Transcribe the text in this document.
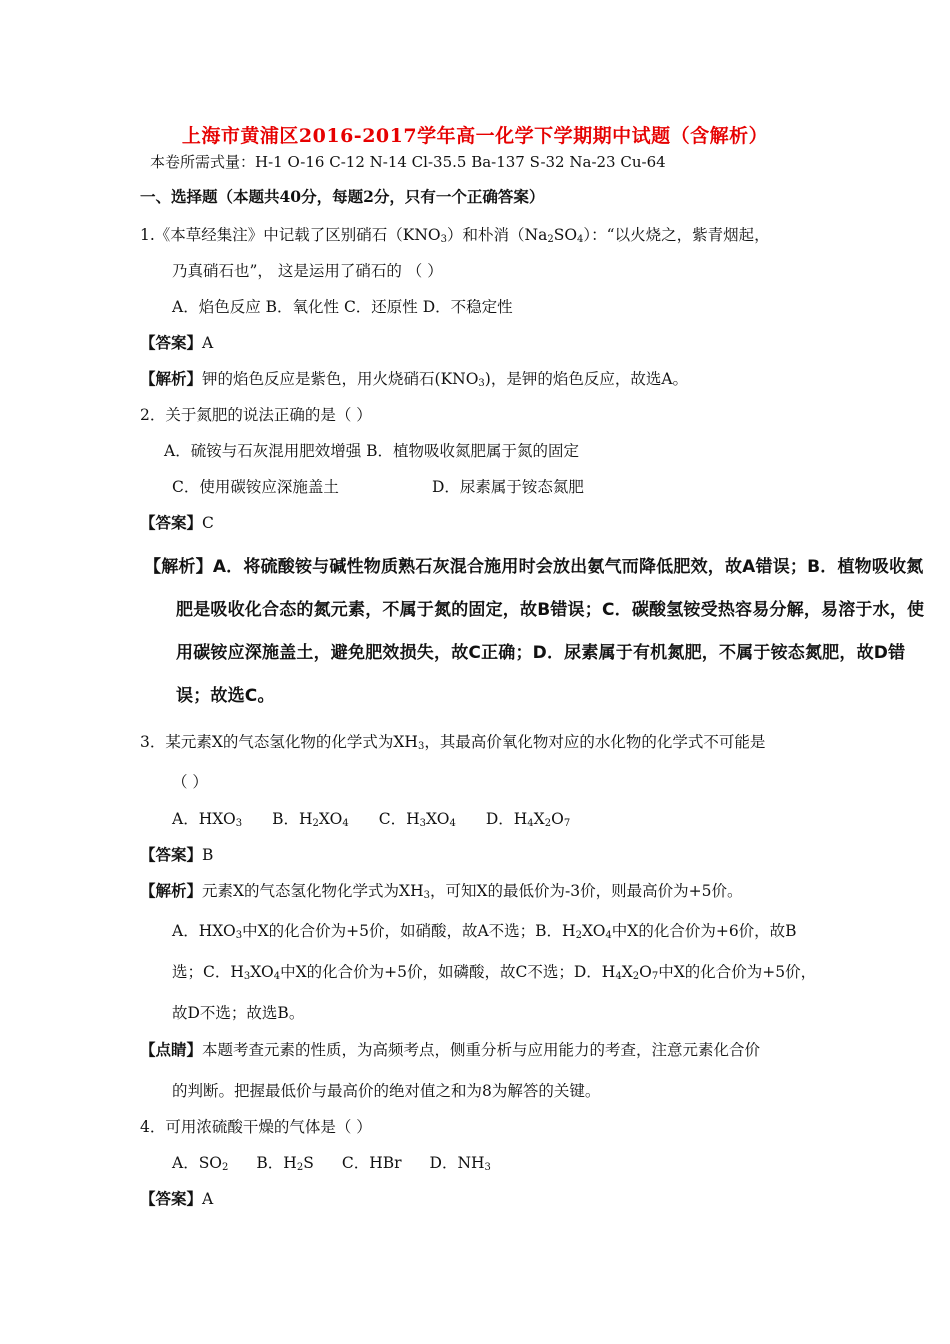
上海市黄浦区2016-2017学年高一化学下学期期中试题（含解析）
本卷所需式量：H-1 O-16 C-12 N-14 Cl-35.5 Ba-137 S-32 Na-23 Cu-64
一、选择题（本题共40分，每题2分，只有一个正确答案）
1.《本草经集注》中记载了区别硝石$(KNO_3)$和朴消$(Na_2SO_4)$：“以火烧之，紫青烟起，
乃真硝石也”， 这是运用了硝石的 （ ）
A．焰色反应 B．氧化性 C．还原性 D．不稳定性
【答案】A
【解析】钾的焰色反应是紫色，用火烧硝石$(KNO_3)$，是钾的焰色反应，故选A。
2．关于氮肥的说法正确的是（ ）
A．硫铵与石灰混用肥效增强 B．植物吸收氮肥属于氮的固定
C．使用碳铵应深施盖土	D．尿素属于铵态氮肥
【答案】C
【解析】A．将硫酸铵与碱性物质熟石灰混合施用时会放出氨气而降低肥效，故A错误；B．植物吸收氮
肥是吸收化合态的氮元素，不属于氮的固定，故B错误；C．碳酸氢铵受热容易分解，易溶于水，使
用碳铵应深施盖土，避免肥效损失，故C正确；D．尿素属于有机氮肥，不属于铵态氮肥，故D错
误；故选C。
3．某元素X的气态氢化物的化学式为$XH_3$，其最高价氧化物对应的水化物的化学式不可能是
（ ）
A．$HXO_3$ B．$H_2XO_4$ C．$H_3XO_4$ D．$H_4X_2O_7$
【答案】B
【解析】元素X的气态氢化物化学式为$XH_3$，可知X的最低价为-3价，则最高价为+5价。
A．$HXO_3$中X的化合价为+5价，如硝酸，故A不选；B．$H_2XO_4$中X的化合价为+6价，故B
选；C．$H_3XO_4$中X的化合价为+5价，如磷酸，故C不选；D．$H_4X_2O_7$中X的化合价为+5价，
故D不选；故选B。
【点睛】本题考查元素的性质，为高频考点，侧重分析与应用能力的考查，注意元素化合价
的判断。把握最低价与最高价的绝对值之和为8为解答的关键。
4．可用浓硫酸干燥的气体是（ ）
A．$SO_2$ B．$H_2S$ C．HBr D．$NH_3$
【答案】A
